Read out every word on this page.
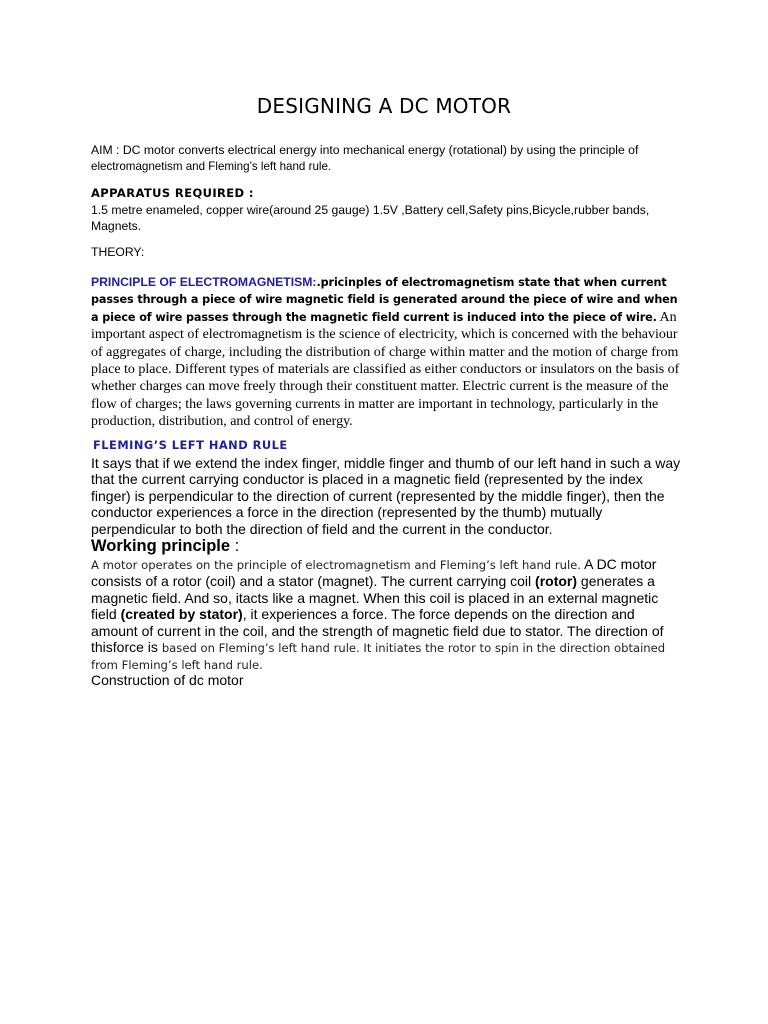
DESIGNING A DC MOTOR
AIM : DC motor converts electrical energy into mechanical energy (rotational) by using the principle of electromagnetism and Fleming’s left hand rule.
APPARATUS REQUIRED :
1.5 metre enameled, copper wire(around 25 gauge) 1.5V ,Battery cell,Safety pins,Bicycle,rubber bands, Magnets.
THEORY:
PRINCIPLE OF ELECTROMAGNETISM:.pricinples of electromagnetism state that when current passes through a piece of wire magnetic field is generated around the piece of wire and when a piece of wire passes through the magnetic field current is induced into the piece of wire. An important aspect of electromagnetism is the science of electricity, which is concerned with the behaviour of aggregates of charge, including the distribution of charge within matter and the motion of charge from place to place. Different types of materials are classified as either conductors or insulators on the basis of whether charges can move freely through their constituent matter. Electric current is the measure of the flow of charges; the laws governing currents in matter are important in technology, particularly in the production, distribution, and control of energy.
FLEMING’S LEFT HAND RULE
It says that if we extend the index finger, middle finger and thumb of our left hand in such a way that the current carrying conductor is placed in a magnetic field (represented by the index finger) is perpendicular to the direction of current (represented by the middle finger), then the conductor experiences a force in the direction (represented by the thumb) mutually perpendicular to both the direction of field and the current in the conductor.
Working principle :
A motor operates on the principle of electromagnetism and Fleming’s left hand rule. A DC motor consists of a rotor (coil) and a stator (magnet). The current carrying coil (rotor) generates a magnetic field. And so, itacts like a magnet. When this coil is placed in an external magnetic field (created by stator), it experiences a force. The force depends on the direction and amount of current in the coil, and the strength of magnetic field due to stator. The direction of thisforce is based on Fleming’s left hand rule. It initiates the rotor to spin in the direction obtained from Fleming’s left hand rule.
Construction of dc motor
